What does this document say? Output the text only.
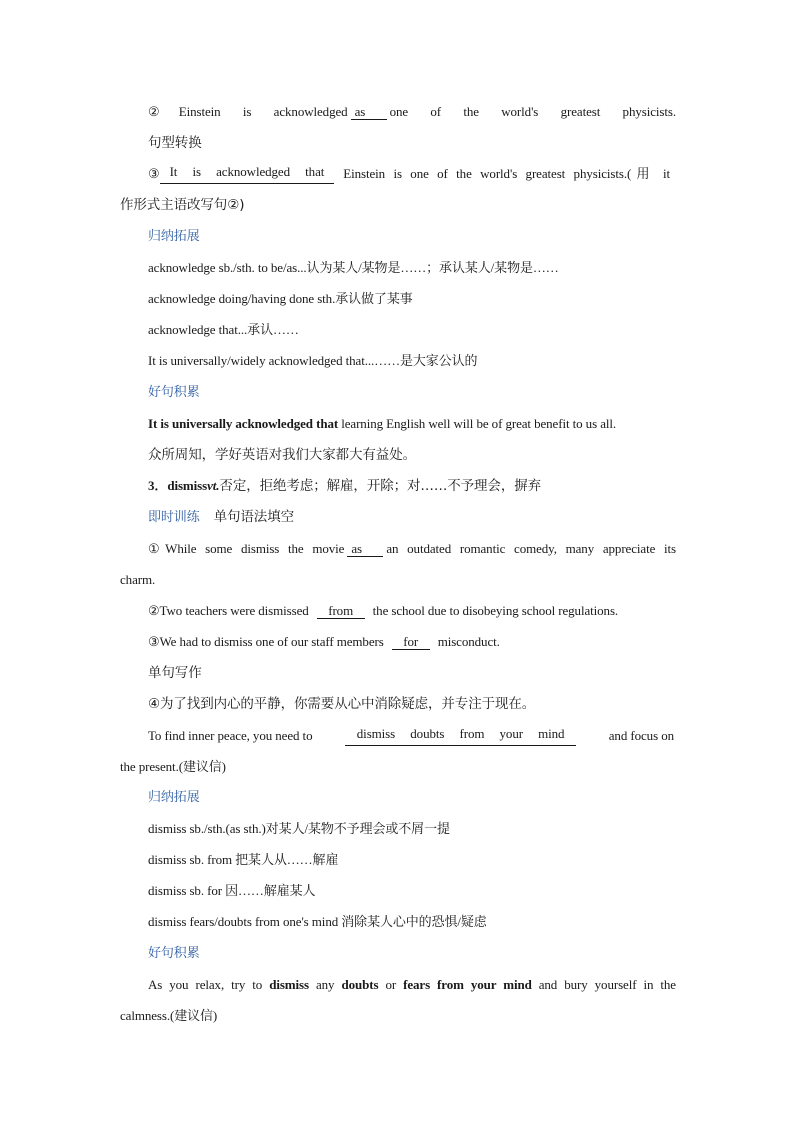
②Einstein is acknowledged as one of the world's greatest physicists.
句型转换
③ It is acknowledged that	Einstein is one of the world's greatest physicists.(用 it
作形式主语改写句②)
归纳拓展
acknowledge sb./sth. to be/as...认为某人/某物是……；承认某人/某物是……
acknowledge doing/having done sth.承认做了某事
acknowledge that...承认……
It is universally/widely acknowledged that...……是大家公认的
好句积累
It is universally acknowledged that learning English well will be of great benefit to us all.
众所周知，学好英语对我们大家都大有益处。
3．dismissvt.否定，拒绝考虑；解雇，开除；对……不予理会，摒弃
即时训练 单句语法填空
①While some dismiss the movie as an outdated romantic comedy, many appreciate its
charm.
②Two teachers were dismissed from the school due to disobeying school regulations.
③We had to dismiss one of our staff members for misconduct.
单句写作
④为了找到内心的平静，你需要从心中消除疑虑，并专注于现在。
To find inner peace, you need to	dismiss doubts from your mind	and focus on
the present.(建议信)
归纳拓展
dismiss sb./sth.(as sth.)对某人/某物不予理会或不屑一提
dismiss sb. from 把某人从……解雇
dismiss sb. for 因……解雇某人
dismiss fears/doubts from one's mind 消除某人心中的恐惧/疑虑
好句积累
As you relax, try to dismiss any doubts or fears from your mind and bury yourself in the
calmness.(建议信)
